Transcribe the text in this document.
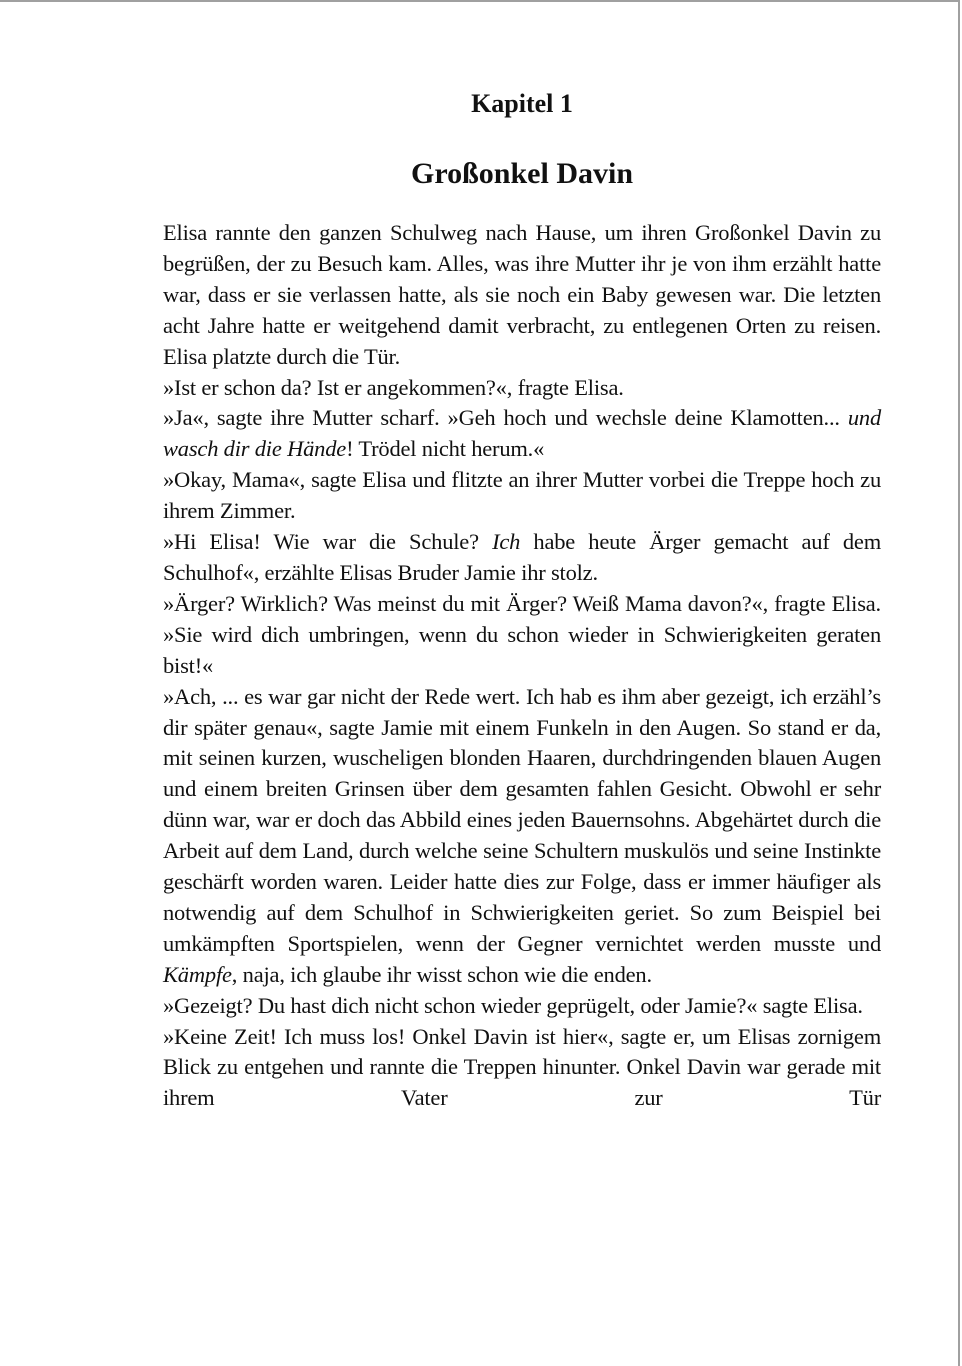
Kapitel 1
Großonkel Davin

Elisa rannte den ganzen Schulweg nach Hause, um ihren Großonkel Davin zu begrüßen, der zu Besuch kam. Alles, was ihre Mutter ihr je von ihm erzählt hatte war, dass er sie verlassen hatte, als sie noch ein Baby gewesen war. Die letzten acht Jahre hatte er weitgehend damit verbracht, zu entlegenen Orten zu reisen. Elisa platzte durch die Tür.

»Ist er schon da? Ist er angekommen?«, fragte Elisa.

»Ja«, sagte ihre Mutter scharf. »Geh hoch und wechsle deine Klamotten... und wasch dir die Hände! Trödel nicht herum.«

»Okay, Mama«, sagte Elisa und flitzte an ihrer Mutter vorbei die Treppe hoch zu ihrem Zimmer.

»Hi Elisa! Wie war die Schule? Ich habe heute Ärger gemacht auf dem Schulhof«, erzählte Elisas Bruder Jamie ihr stolz.

»Ärger? Wirklich? Was meinst du mit Ärger? Weiß Mama davon?«, fragte Elisa. »Sie wird dich umbringen, wenn du schon wieder in Schwierigkeiten geraten bist!«

»Ach, ... es war gar nicht der Rede wert. Ich hab es ihm aber gezeigt, ich erzähl’s dir später genau«, sagte Jamie mit einem Funkeln in den Augen. So stand er da, mit seinen kurzen, wuscheligen blonden Haaren, durchdringenden blauen Augen und einem breiten Grinsen über dem gesamten fahlen Gesicht. Obwohl er sehr dünn war, war er doch das Abbild eines jeden Bauernsohns. Abgehärtet durch die Arbeit auf dem Land, durch welche seine Schultern muskulös und seine Instinkte geschärft worden waren. Leider hatte dies zur Folge, dass er immer häufiger als notwendig auf dem Schulhof in Schwierigkeiten geriet. So zum Beispiel bei umkämpften Sportspielen, wenn der Gegner vernichtet werden musste und Kämpfe, naja, ich glaube ihr wisst schon wie die enden.

»Gezeigt? Du hast dich nicht schon wieder geprügelt, oder Jamie?« sagte Elisa.

»Keine Zeit! Ich muss los! Onkel Davin ist hier«, sagte er, um Elisas zornigem Blick zu entgehen und rannte die Treppen hinunter. Onkel Davin war gerade mit ihrem Vater zur Tür
